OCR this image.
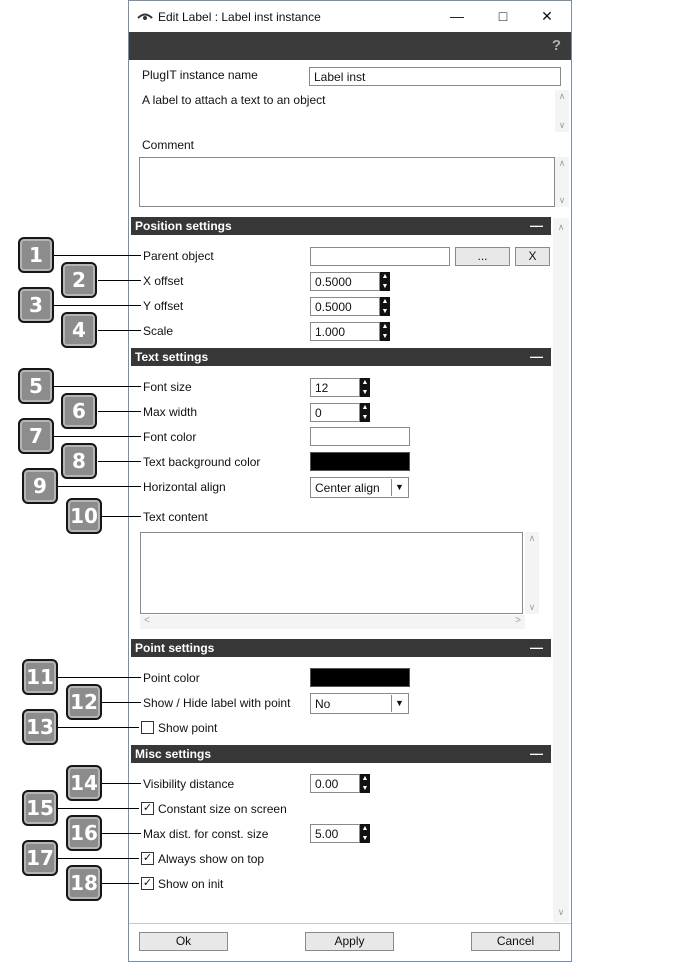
Edit Label : Label inst instance	— □ ✕
?
PlugIT instance name	Label inst
A label to attach a text to an object	∧
∨
Comment
∧
∨
Position settings	—
Parent object	...	X
X offset	0.5000	▲
▼
Y offset	0.5000	▲
▼
Scale	1.000	▲
▼
Text settings	—
Font size	12	▲
▼
Max width	0	▲
▼
Font color
Text background color
Horizontal align	Center align	▼
Text content
∧
∨
<	>
Point settings	—
Point color
Show / Hide label with point	No	▼
Show point
Misc settings	—
Visibility distance	0.00	▲
▼
✓ Constant size on screen
Max dist. for const. size	5.00	▲
▼
✓ Always show on top
✓ Show on init
∧
∨
Ok	Apply	Cancel
1
2
3
4
5
6
7
8
9
10
11
12
13
14
15
16
17
18
